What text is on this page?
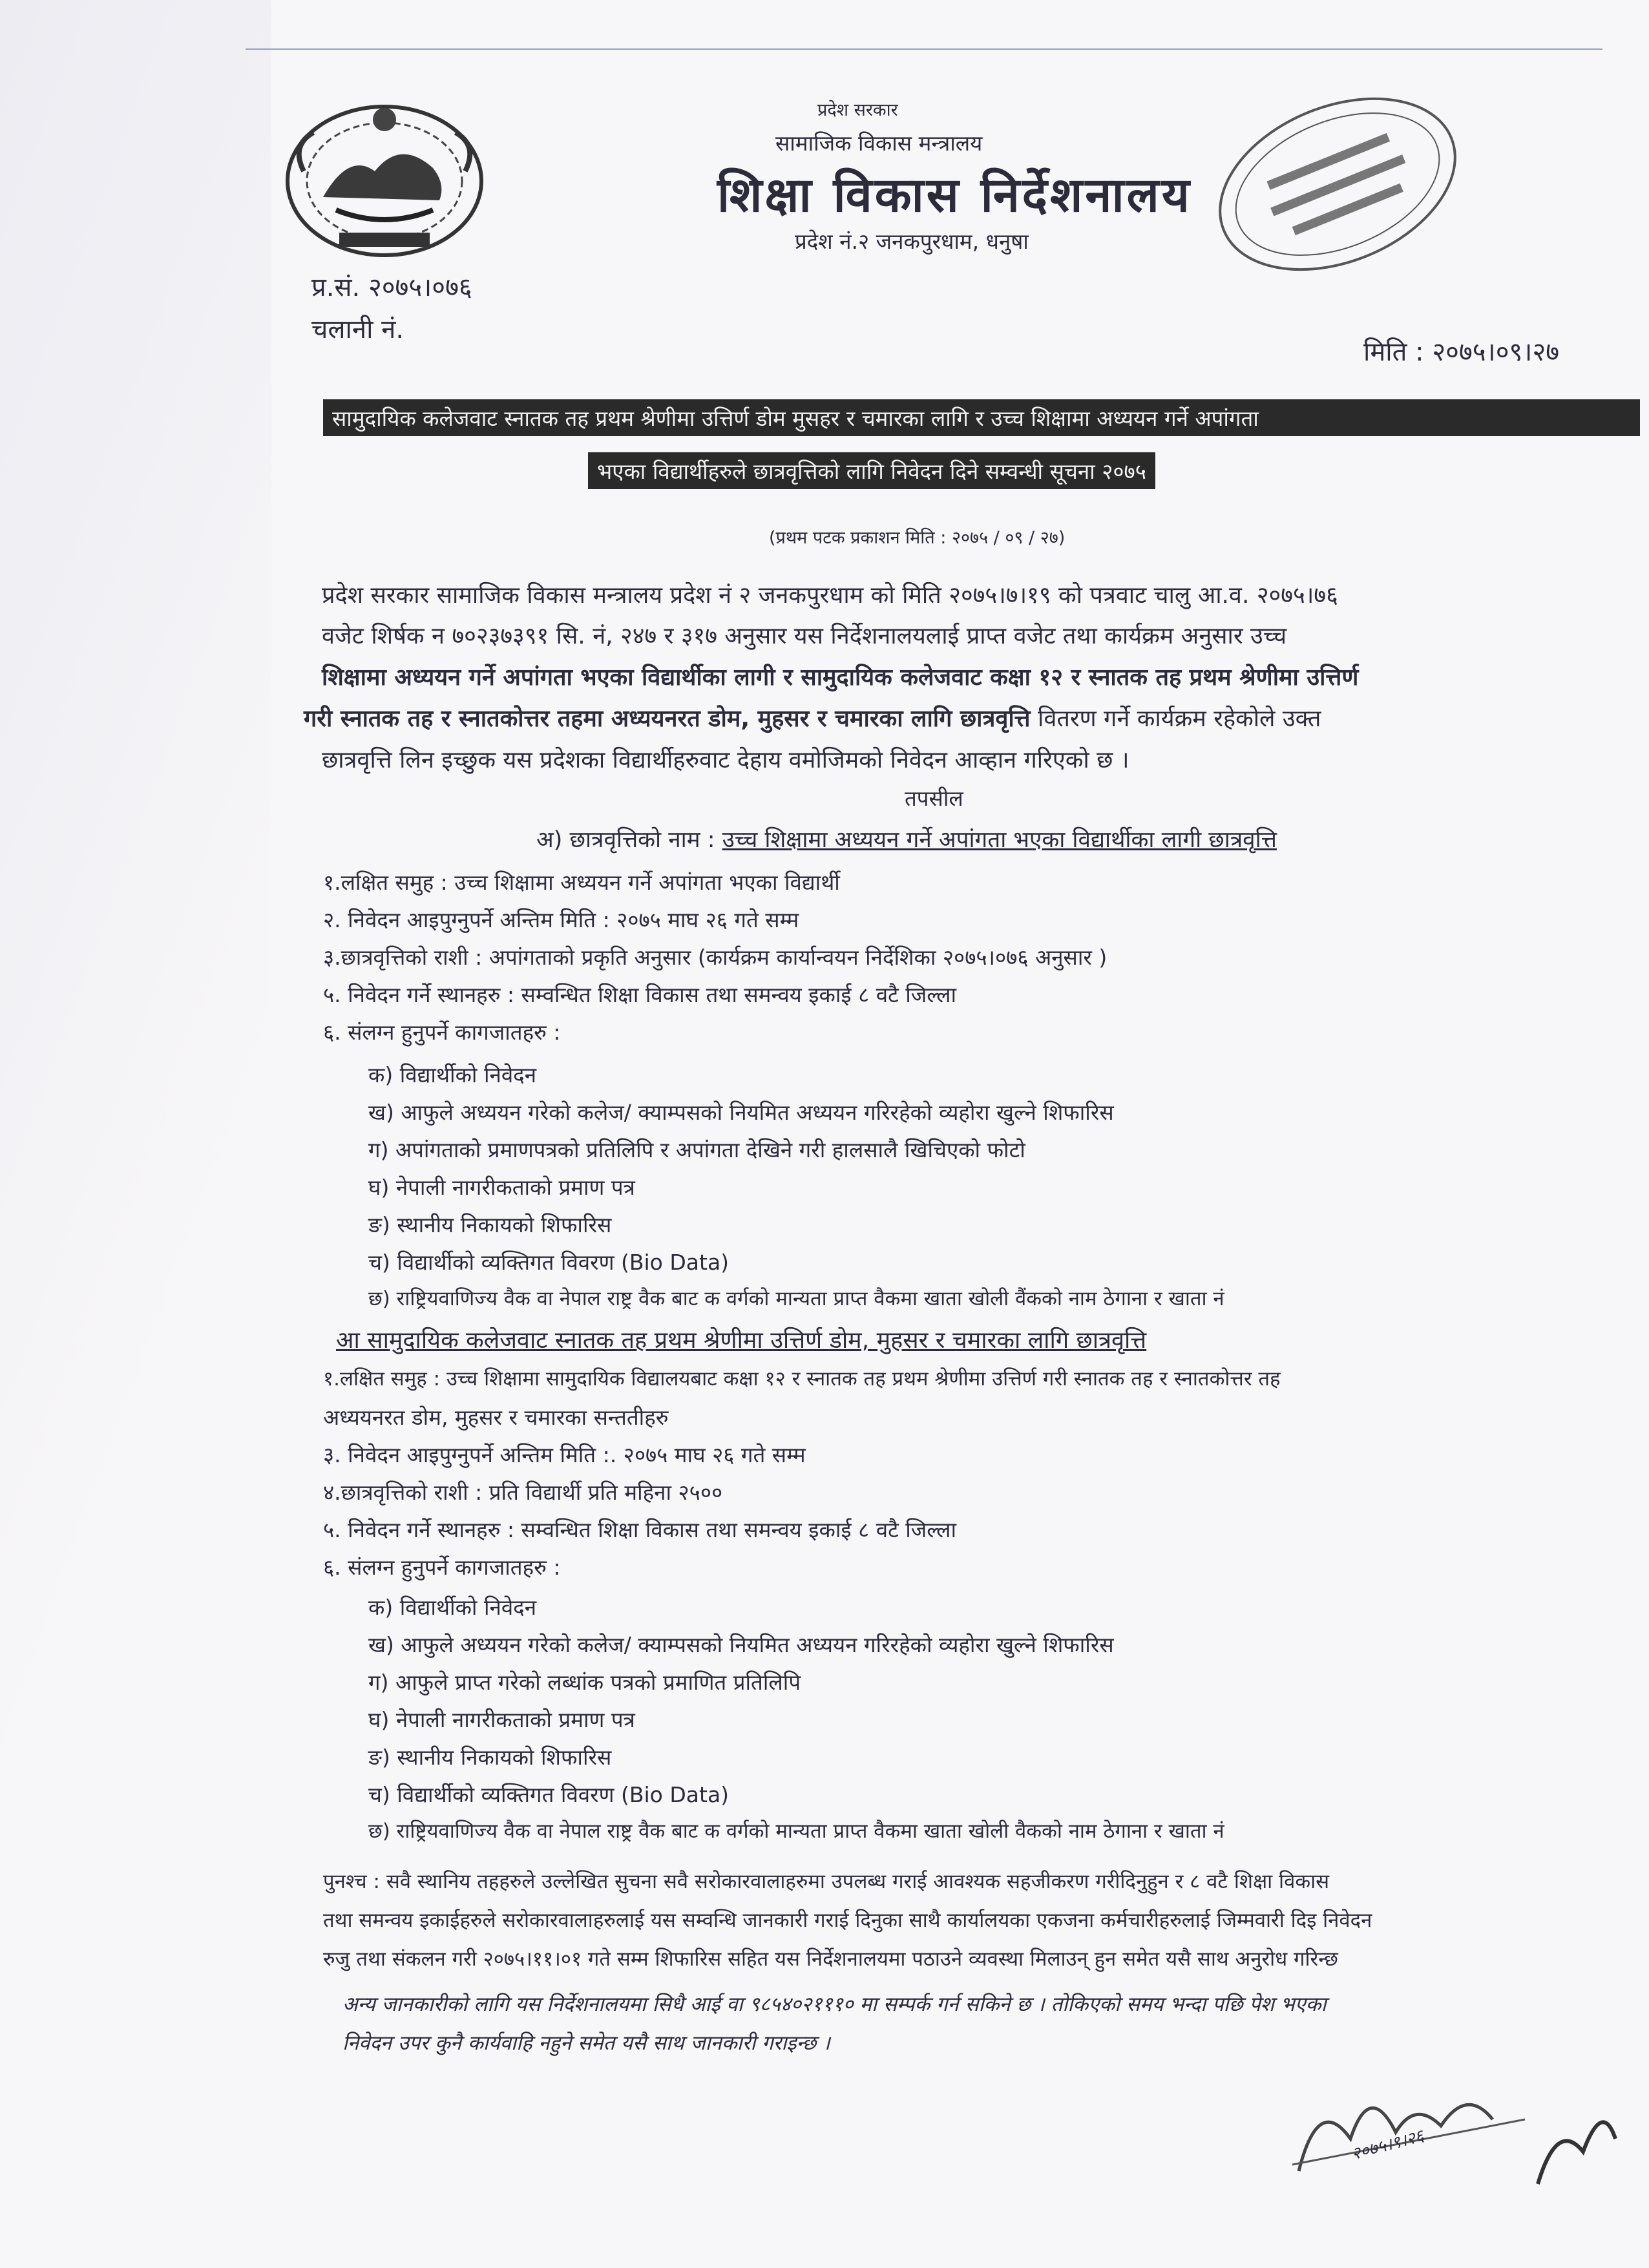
प्रदेश सरकार
सामाजिक विकास मन्त्रालय
शिक्षा विकास निर्देशनालय
प्रदेश नं.२ जनकपुरधाम, धनुषा
प्र.सं. २०७५।०७६
चलानी नं.
मिति : २०७५।०९।२७
सामुदायिक कलेजवाट स्नातक तह प्रथम श्रेणीमा उत्तिर्ण डोम मुसहर र चमारका लागि र उच्च शिक्षामा अध्ययन गर्ने अपांगता
भएका विद्यार्थीहरुले छात्रवृत्तिको लागि निवेदन दिने सम्वन्धी सूचना २०७५
(प्रथम पटक प्रकाशन मिति : २०७५ / ०९ / २७)
प्रदेश सरकार सामाजिक विकास मन्त्रालय प्रदेश नं २ जनकपुरधाम को मिति २०७५।७।१९ को पत्रवाट चालु आ.व. २०७५।७६
वजेट शिर्षक न ७०२३७३९१ सि. नं, २४७ र ३१७ अनुसार यस निर्देशनालयलाई प्राप्त वजेट तथा कार्यक्रम अनुसार उच्च
शिक्षामा अध्ययन गर्ने अपांगता भएका विद्यार्थीका लागी र सामुदायिक कलेजवाट कक्षा १२ र स्नातक तह प्रथम श्रेणीमा उत्तिर्ण
गरी स्नातक तह र स्नातकोत्तर तहमा अध्ययनरत डोम, मुहसर र चमारका लागि छात्रवृत्ति वितरण गर्ने कार्यक्रम रहेकोले उक्त
छात्रवृत्ति लिन इच्छुक यस प्रदेशका विद्यार्थीहरुवाट देहाय वमोजिमको निवेदन आव्हान गरिएको छ ।
तपसील
अ) छात्रवृत्तिको नाम : उच्च शिक्षामा अध्ययन गर्ने अपांगता भएका विद्यार्थीका लागी छात्रवृत्ति
१.लक्षित समुह : उच्च शिक्षामा अध्ययन गर्ने अपांगता भएका विद्यार्थी
२. निवेदन आइपुग्नुपर्ने अन्तिम मिति : २०७५ माघ २६ गते सम्म
३.छात्रवृत्तिको राशी : अपांगताको प्रकृति अनुसार (कार्यक्रम कार्यान्वयन निर्देशिका २०७५।०७६ अनुसार )
५. निवेदन गर्ने स्थानहरु : सम्वन्धित शिक्षा विकास तथा समन्वय इकाई ८ वटै जिल्ला
६. संलग्न हुनुपर्ने कागजातहरु :
क) विद्यार्थीको निवेदन
ख) आफुले अध्ययन गरेको कलेज/ क्याम्पसको नियमित अध्ययन गरिरहेको व्यहोरा खुल्ने शिफारिस
ग) अपांगताको प्रमाणपत्रको प्रतिलिपि र अपांगता देखिने गरी हालसालै खिचिएको फोटो
घ) नेपाली नागरीकताको प्रमाण पत्र
ङ) स्थानीय निकायको शिफारिस
च) विद्यार्थीको व्यक्तिगत विवरण (Bio Data)
छ) राष्ट्रियवाणिज्य वैक वा नेपाल राष्ट्र वैक बाट क वर्गको मान्यता प्राप्त वैकमा खाता खोली वैंकको नाम ठेगाना र खाता नं
आ सामुदायिक कलेजवाट स्नातक तह प्रथम श्रेणीमा उत्तिर्ण डोम, मुहसर र चमारका लागि छात्रवृत्ति
१.लक्षित समुह : उच्च शिक्षामा सामुदायिक विद्यालयबाट कक्षा १२ र स्नातक तह प्रथम श्रेणीमा उत्तिर्ण गरी स्नातक तह र स्नातकोत्तर तह
अध्ययनरत डोम, मुहसर र चमारका सन्ततीहरु
३. निवेदन आइपुग्नुपर्ने अन्तिम मिति :. २०७५ माघ २६ गते सम्म
४.छात्रवृत्तिको राशी : प्रति विद्यार्थी प्रति महिना २५००
५. निवेदन गर्ने स्थानहरु : सम्वन्धित शिक्षा विकास तथा समन्वय इकाई ८ वटै जिल्ला
६. संलग्न हुनुपर्ने कागजातहरु :
क) विद्यार्थीको निवेदन
ख) आफुले अध्ययन गरेको कलेज/ क्याम्पसको नियमित अध्ययन गरिरहेको व्यहोरा खुल्ने शिफारिस
ग) आफुले प्राप्त गरेको लब्धांक पत्रको प्रमाणित प्रतिलिपि
घ) नेपाली नागरीकताको प्रमाण पत्र
ङ) स्थानीय निकायको शिफारिस
च) विद्यार्थीको व्यक्तिगत विवरण (Bio Data)
छ) राष्ट्रियवाणिज्य वैक वा नेपाल राष्ट्र वैक बाट क वर्गको मान्यता प्राप्त वैकमा खाता खोली वैकको नाम ठेगाना र खाता नं
पुनश्च : सवै स्थानिय तहहरुले उल्लेखित सुचना सवै सरोकारवालाहरुमा उपलब्ध गराई आवश्यक सहजीकरण गरीदिनुहुन र ८ वटै शिक्षा विकास
तथा समन्वय इकाईहरुले सरोकारवालाहरुलाई यस सम्वन्धि जानकारी गराई दिनुका साथै कार्यालयका एकजना कर्मचारीहरुलाई जिम्मवारी दिइ निवेदन
रुजु तथा संकलन गरी २०७५।११।०१ गते सम्म शिफारिस सहित यस निर्देशनालयमा पठाउने व्यवस्था मिलाउन् हुन समेत यसै साथ अनुरोध गरिन्छ
अन्य जानकारीको लागि यस निर्देशनालयमा सिधै आई वा ९८५४०२१११० मा सम्पर्क गर्न सकिने छ । तोकिएको समय भन्दा पछि पेश भएका
निवेदन उपर कुनै कार्यवाहि नहुने समेत यसै साथ जानकारी गराइन्छ ।
२०७५।९।२६
